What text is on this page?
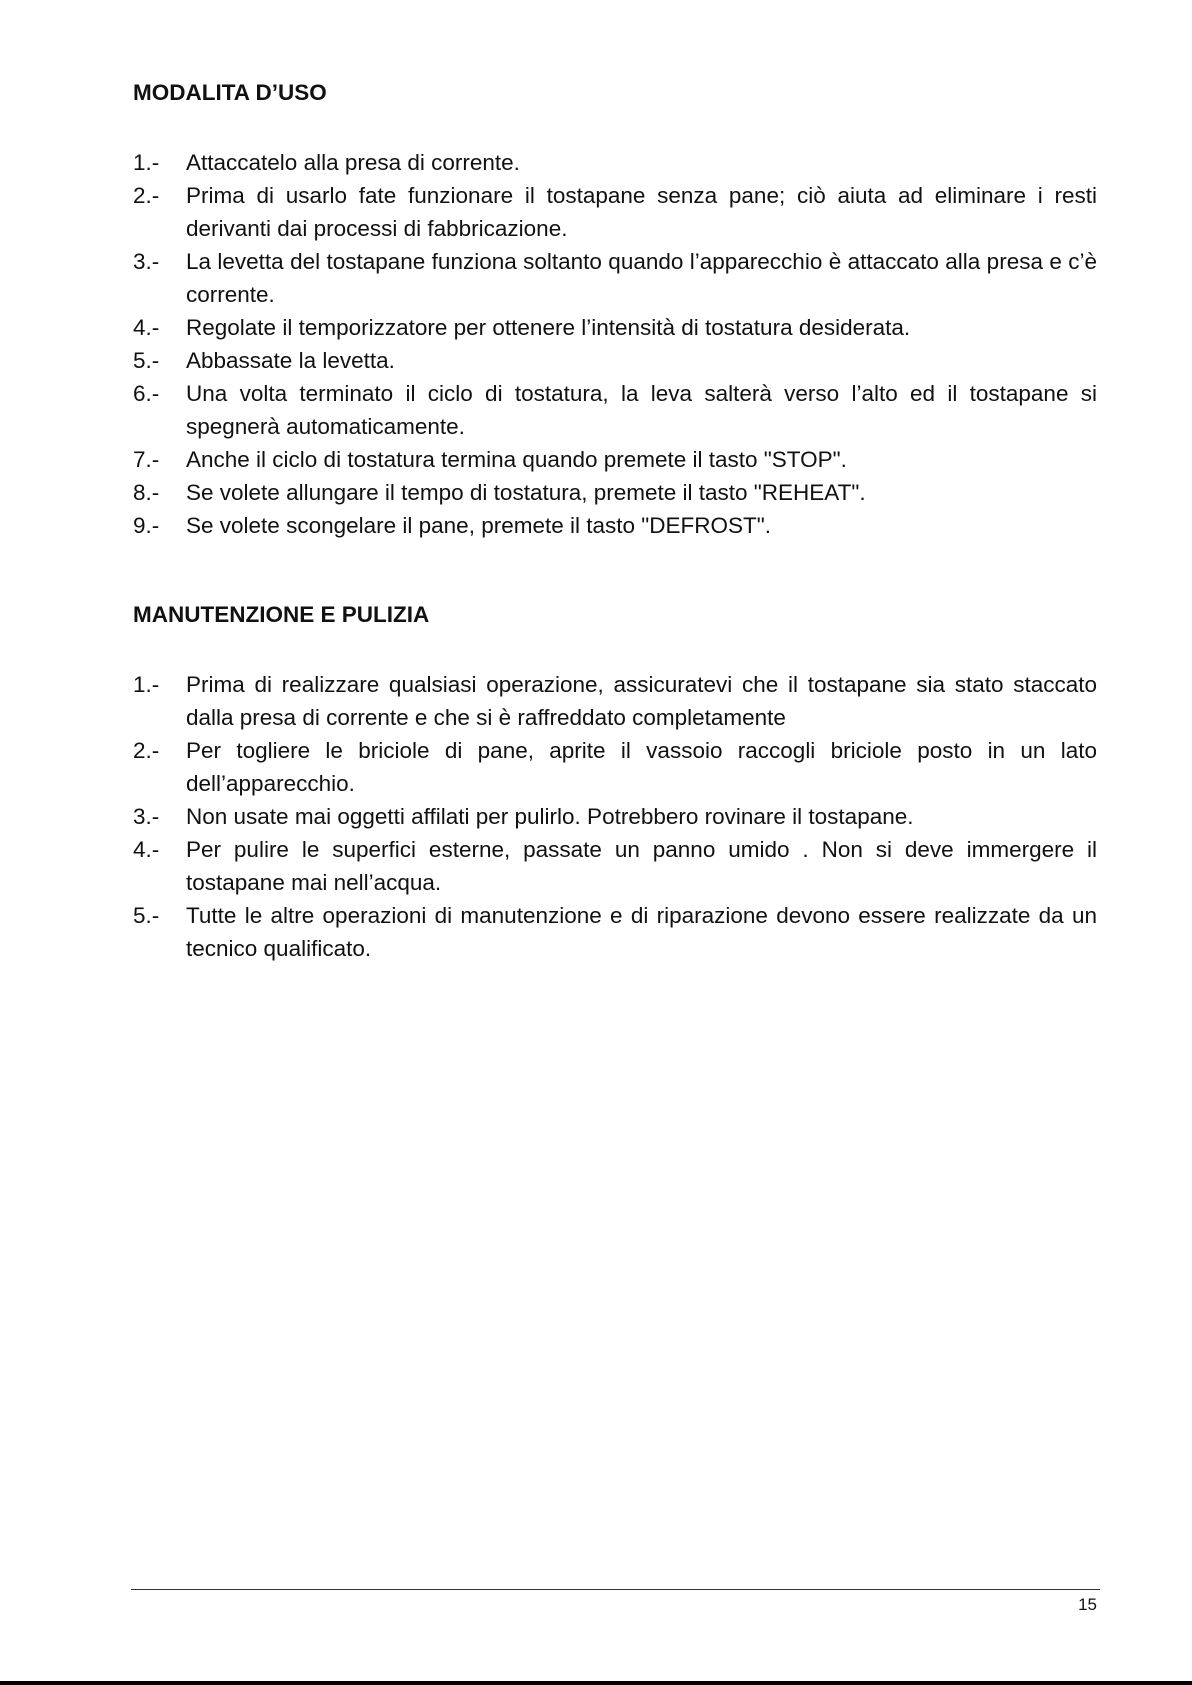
MODALITA D’USO
1.-	Attaccatelo alla presa di corrente.
2.-	Prima di usarlo fate funzionare il tostapane senza pane; ciò aiuta ad eliminare i resti derivanti dai processi di fabbricazione.
3.-	La levetta del tostapane funziona soltanto quando l’apparecchio è attaccato alla presa e c’è corrente.
4.-	Regolate il temporizzatore per ottenere l’intensità di tostatura desiderata.
5.-	Abbassate la levetta.
6.-	Una volta terminato il ciclo di tostatura, la leva salterà verso l’alto ed il tostapane si spegnerà automaticamente.
7.-	Anche il ciclo di tostatura termina quando premete il tasto "STOP".
8.-	Se volete allungare il tempo di tostatura, premete il tasto "REHEAT".
9.-	Se volete scongelare il pane, premete il tasto "DEFROST".
MANUTENZIONE E PULIZIA
1.-	Prima di realizzare qualsiasi operazione, assicuratevi che il tostapane sia stato staccato dalla presa di corrente e che si è raffreddato completamente
2.-	Per togliere le briciole di pane, aprite il vassoio raccogli briciole posto in un lato dell’apparecchio.
3.-	Non usate mai oggetti affilati per pulirlo. Potrebbero rovinare il tostapane.
4.-	Per pulire le superfici esterne, passate un panno umido . Non si deve immergere il tostapane mai nell’acqua.
5.-	Tutte le altre operazioni di manutenzione e di riparazione devono essere realizzate da un tecnico qualificato.
15
